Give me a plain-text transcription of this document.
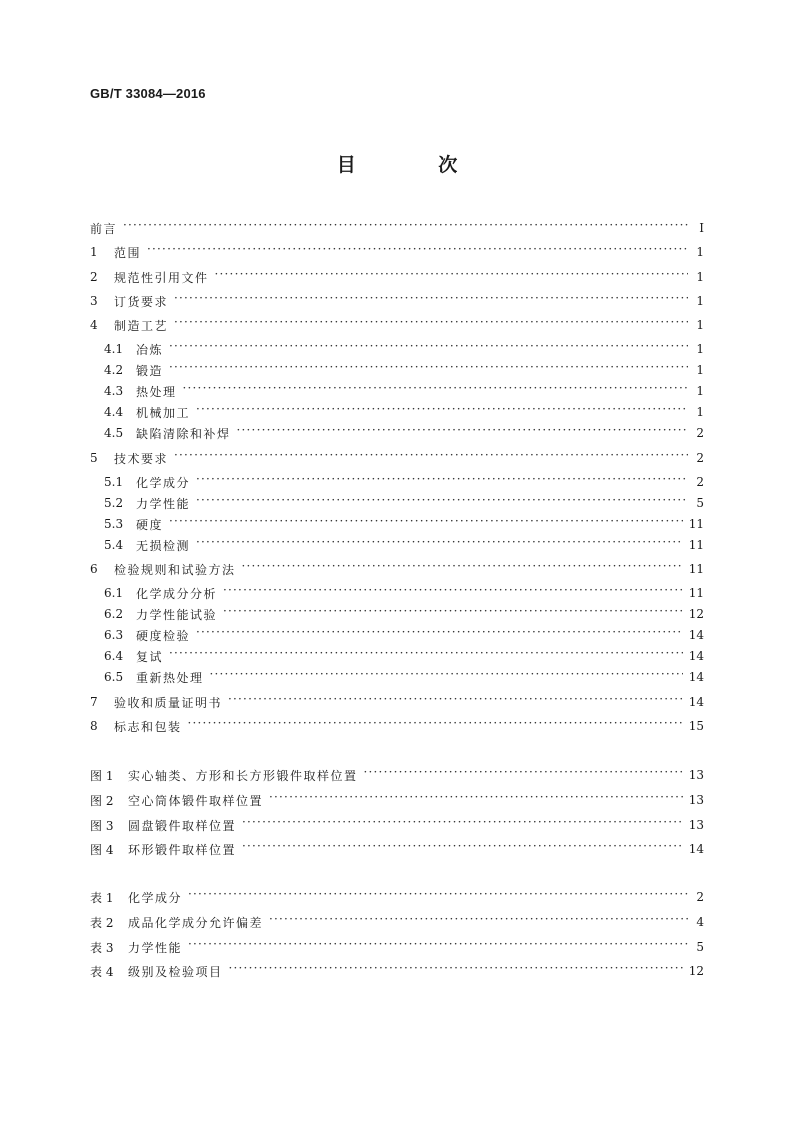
GB/T 33084—2016
目 次
前言 ·····	Ⅰ
1	范围 ·····	1
2	规范性引用文件 ·····	1
3	订货要求 ·····	1
4	制造工艺 ·····	1
4.1	冶炼 ·····	1
4.2	锻造 ·····	1
4.3	热处理 ·····	1
4.4	机械加工 ·····	1
4.5	缺陷清除和补焊 ·····	2
5	技术要求 ·····	2
5.1	化学成分 ·····	2
5.2	力学性能 ·····	5
5.3	硬度 ·····	11
5.4	无损检测 ·····	11
6	检验规则和试验方法 ·····	11
6.1	化学成分分析 ·····	11
6.2	力学性能试验 ·····	12
6.3	硬度检验 ·····	14
6.4	复试 ·····	14
6.5	重新热处理 ·····	14
7	验收和质量证明书 ·····	14
8	标志和包装 ·····	15
图 1	实心轴类、方形和长方形锻件取样位置 ·····	13
图 2	空心筒体锻件取样位置 ·····	13
图 3	圆盘锻件取样位置 ·····	13
图 4	环形锻件取样位置 ·····	14
表 1	化学成分 ·····	2
表 2	成品化学成分允许偏差 ·····	4
表 3	力学性能 ·····	5
表 4	级别及检验项目 ·····	12
